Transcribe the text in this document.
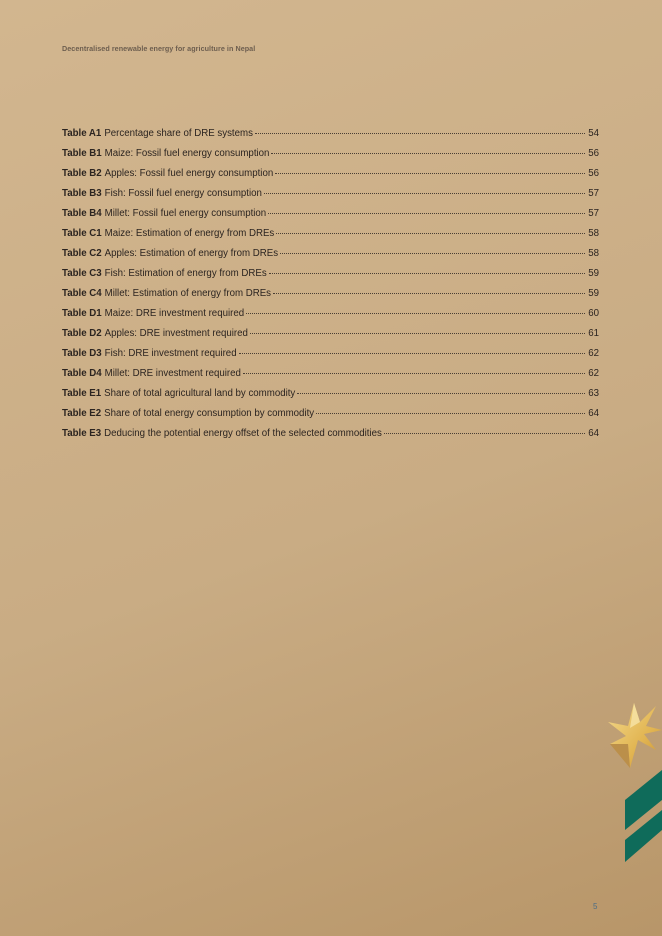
Decentralised renewable energy for agriculture in Nepal
Table A1 Percentage share of DRE systems	54
Table B1 Maize: Fossil fuel energy consumption	56
Table B2 Apples: Fossil fuel energy consumption	56
Table B3 Fish: Fossil fuel energy consumption	57
Table B4 Millet: Fossil fuel energy consumption	57
Table C1 Maize: Estimation of energy from DREs	58
Table C2 Apples: Estimation of energy from DREs	58
Table C3 Fish: Estimation of energy from DREs	59
Table C4 Millet: Estimation of energy from DREs	59
Table D1 Maize: DRE investment required	60
Table D2 Apples: DRE investment required	61
Table D3 Fish: DRE investment required	62
Table D4 Millet: DRE investment required	62
Table E1 Share of total agricultural land by commodity	63
Table E2 Share of total energy consumption by commodity	64
Table E3 Deducing the potential energy offset of the selected commodities	64
5
